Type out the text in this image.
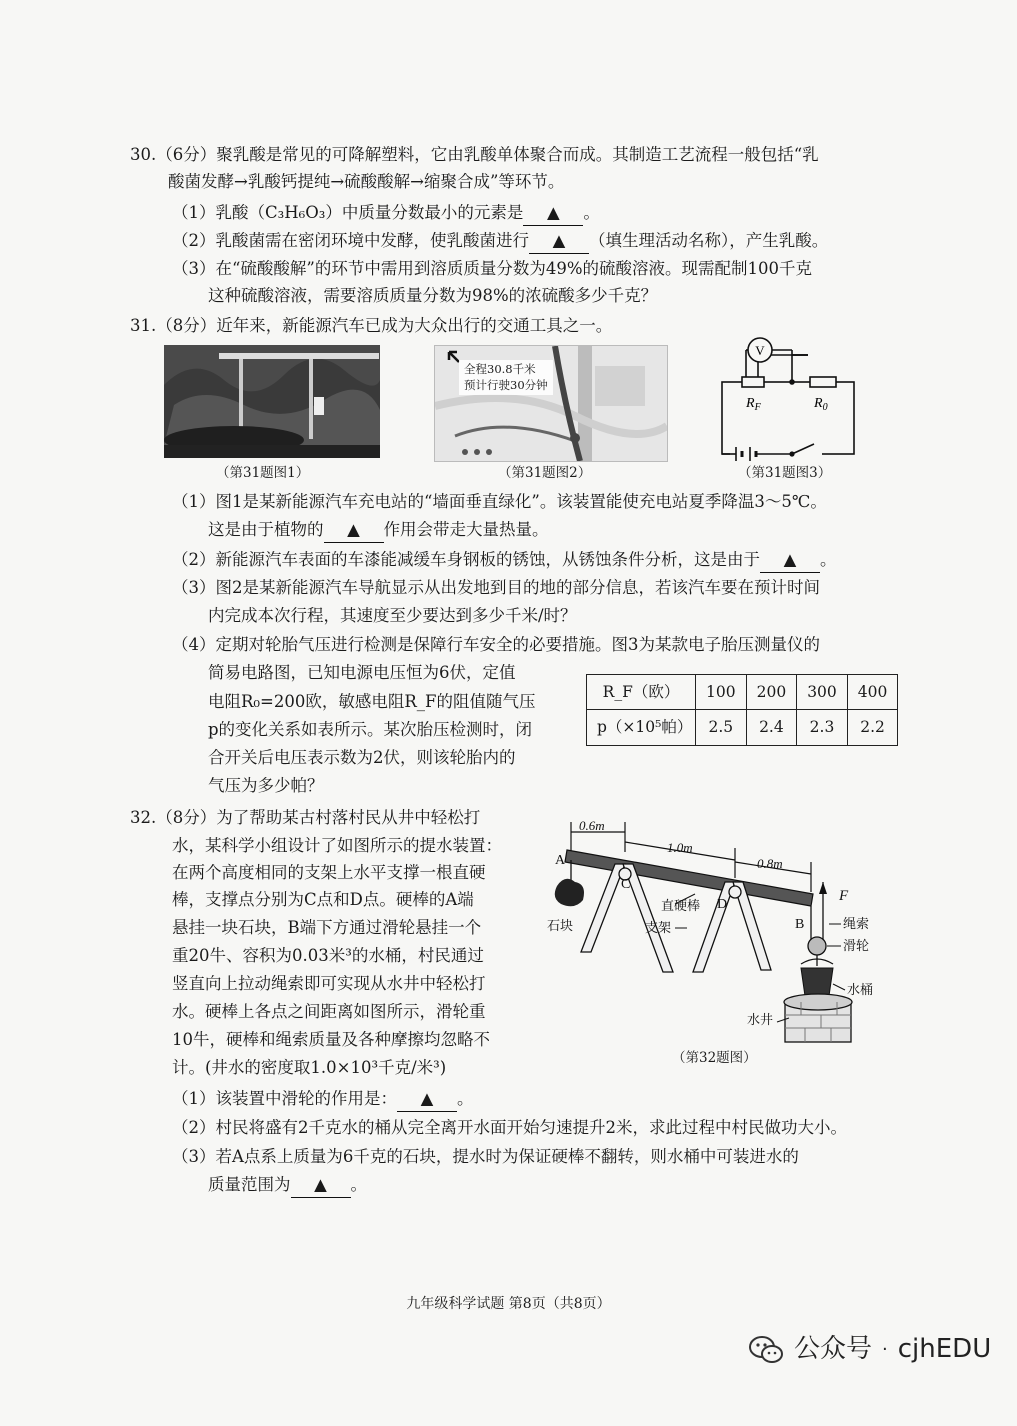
30.（6分）聚乳酸是常见的可降解塑料，它由乳酸单体聚合而成。其制造工艺流程一般包括“乳
酸菌发酵→乳酸钙提纯→硫酸酸解→缩聚合成”等环节。
（1）乳酸（C₃H₆O₃）中质量分数最小的元素是 ▲ 。
（2）乳酸菌需在密闭环境中发酵，使乳酸菌进行 ▲ （填生理活动名称），产生乳酸。
（3）在“硫酸酸解”的环节中需用到溶质质量分数为49%的硫酸溶液。现需配制100千克
这种硫酸溶液，需要溶质质量分数为98%的浓硫酸多少千克？
31.（8分）近年来，新能源汽车已成为大众出行的交通工具之一。
（第31题图1）
全程30.8千米
预计行驶30分钟
（第31题图2）
V
$R_F$	$R_0$
（第31题图3）
（1）图1是某新能源汽车充电站的“墙面垂直绿化”。该装置能使充电站夏季降温3～5℃。
这是由于植物的 ▲ 作用会带走大量热量。
（2）新能源汽车表面的车漆能减缓车身钢板的锈蚀，从锈蚀条件分析，这是由于 ▲ 。
（3）图2是某新能源汽车导航显示从出发地到目的地的部分信息，若该汽车要在预计时间
内完成本次行程，其速度至少要达到多少千米/时？
（4）定期对轮胎气压进行检测是保障行车安全的必要措施。图3为某款电子胎压测量仪的
简易电路图，已知电源电压恒为6伏，定值
电阻R₀=200欧，敏感电阻R_F的阻值随气压
p的变化关系如表所示。某次胎压检测时，闭
合开关后电压表示数为2伏，则该轮胎内的
气压为多少帕？
R_F（欧）	100	200	300	400
p（×10⁵帕）	2.5	2.4	2.3	2.2
32.（8分）为了帮助某古村落村民从井中轻松打
水，某科学小组设计了如图所示的提水装置：
在两个高度相同的支架上水平支撑一根直硬
棒，支撑点分别为C点和D点。硬棒的A端
悬挂一块石块，B端下方通过滑轮悬挂一个
重20牛、容积为0.03米³的水桶，村民通过
竖直向上拉动绳索即可实现从水井中轻松打
水。硬棒上各点之间距离如图所示，滑轮重
10牛，硬棒和绳索质量及各种摩擦均忽略不
计。(井水的密度取1.0×10³千克/米³)
0.6m
1.0m
0.8m
A
C
D
B
F
石块
直硬棒
支架	绳索
滑轮
水桶
水井
（第32题图）
（1）该装置中滑轮的作用是： ▲ 。
（2）村民将盛有2千克水的桶从完全离开水面开始匀速提升2米，求此过程中村民做功大小。
（3）若A点系上质量为6千克的石块，提水时为保证硬棒不翻转，则水桶中可装进水的
质量范围为 ▲ 。
九年级科学试题 第8页（共8页）
公众号 · cjhEDU
